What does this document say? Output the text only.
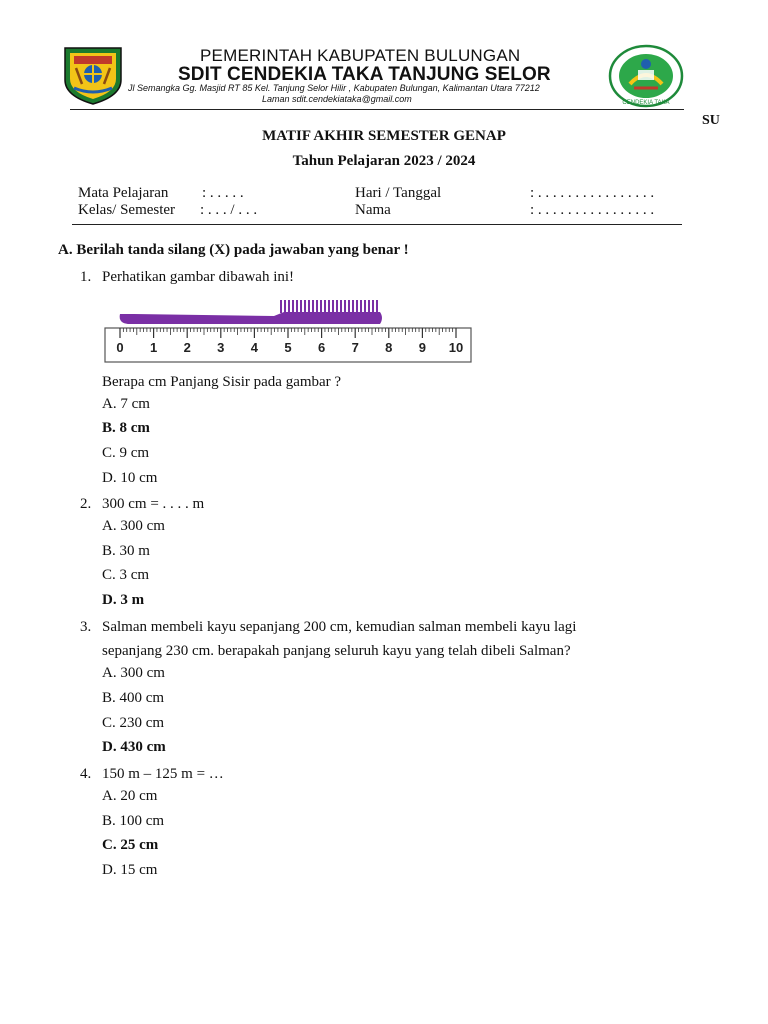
CENDEKIA TAKA
PEMERINTAH KABUPATEN BULUNGAN
SDIT CENDEKIA TAKA TANJUNG SELOR
Jl Semangka Gg. Masjid RT 85 Kel. Tanjung Selor Hilir , Kabupaten Bulungan, Kalimantan Utara 77212
Laman sdit.cendekiataka@gmail.com
SU
MATIF AKHIR SEMESTER GENAP
Tahun Pelajaran 2023 / 2024
Mata Pelajaran : . . . . .
Kelas/ Semester : . . . / . . .
Hari / Tanggal	: . . . . . . . . . . . . . . . .
Nama	: . . . . . . . . . . . . . . . .
A. Berilah tanda silang (X) pada jawaban yang benar !
1. Perhatikan gambar dibawah ini!
0 1 2 3 4 5 6 7 8 9 10
Berapa cm Panjang Sisir pada gambar ?
A. 7 cm
B. 8 cm
C. 9 cm
D. 10 cm
2. 300 cm = . . . . m
A. 300 cm
B. 30 m
C. 3 cm
D. 3 m
3. Salman membeli kayu sepanjang 200 cm, kemudian salman membeli kayu lagi
sepanjang 230 cm. berapakah panjang seluruh kayu yang telah dibeli Salman?
A. 300 cm
B. 400 cm
C. 230 cm
D. 430 cm
4. 150 m – 125 m = …
A. 20 cm
B. 100 cm
C. 25 cm
D. 15 cm
